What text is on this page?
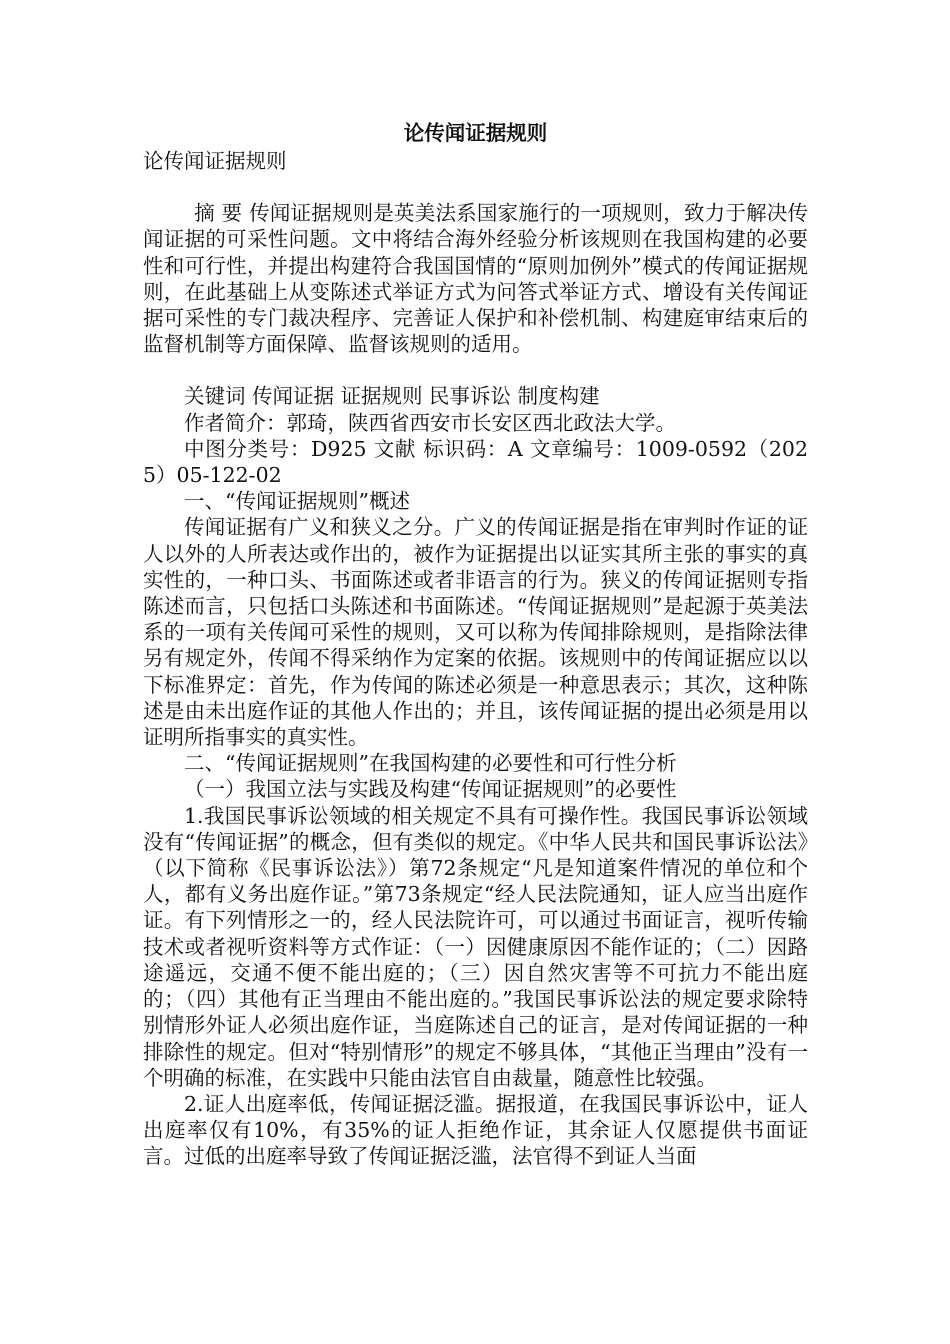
论传闻证据规则
论传闻证据规则

摘 要 传闻证据规则是英美法系国家施行的一项规则，致力于解决传闻证据的可采性问题。文中将结合海外经验分析该规则在我国构建的必要性和可行性，并提出构建符合我国国情的“原则加例外”模式的传闻证据规则，在此基础上从变陈述式举证方式为问答式举证方式、增设有关传闻证据可采性的专门裁决程序、完善证人保护和补偿机制、构建庭审结束后的监督机制等方面保障、监督该规则的适用。

关键词 传闻证据 证据规则 民事诉讼 制度构建

作者简介：郭琦，陕西省西安市长安区西北政法大学。

中图分类号：D925 文献 标识码：A 文章编号：1009-0592（2025）05-122-02

一、“传闻证据规则”概述

传闻证据有广义和狭义之分。广义的传闻证据是指在审判时作证的证人以外的人所表达或作出的，被作为证据提出以证实其所主张的事实的真实性的，一种口头、书面陈述或者非语言的行为。狭义的传闻证据则专指陈述而言，只包括口头陈述和书面陈述。“传闻证据规则”是起源于英美法系的一项有关传闻可采性的规则，又可以称为传闻排除规则，是指除法律另有规定外，传闻不得采纳作为定案的依据。该规则中的传闻证据应以以下标准界定：首先，作为传闻的陈述必须是一种意思表示；其次，这种陈述是由未出庭作证的其他人作出的；并且，该传闻证据的提出必须是用以证明所指事实的真实性。

二、“传闻证据规则”在我国构建的必要性和可行性分析

（一）我国立法与实践及构建“传闻证据规则”的必要性

1.我国民事诉讼领域的相关规定不具有可操作性。我国民事诉讼领域没有“传闻证据”的概念，但有类似的规定。《中华人民共和国民事诉讼法》（以下简称《民事诉讼法》）第72条规定“凡是知道案件情况的单位和个人，都有义务出庭作证。”第73条规定“经人民法院通知，证人应当出庭作证。有下列情形之一的，经人民法院许可，可以通过书面证言，视听传输技术或者视听资料等方式作证：（一）因健康原因不能作证的；（二）因路途遥远，交通不便不能出庭的；（三）因自然灾害等不可抗力不能出庭的；（四）其他有正当理由不能出庭的。”我国民事诉讼法的规定要求除特别情形外证人必须出庭作证，当庭陈述自己的证言，是对传闻证据的一种排除性的规定。但对“特别情形”的规定不够具体，“其他正当理由”没有一个明确的标准，在实践中只能由法官自由裁量，随意性比较强。

2.证人出庭率低，传闻证据泛滥。据报道，在我国民事诉讼中，证人出庭率仅有10%，有35%的证人拒绝作证，其余证人仅愿提供书面证言。过低的出庭率导致了传闻证据泛滥，法官得不到证人当面
